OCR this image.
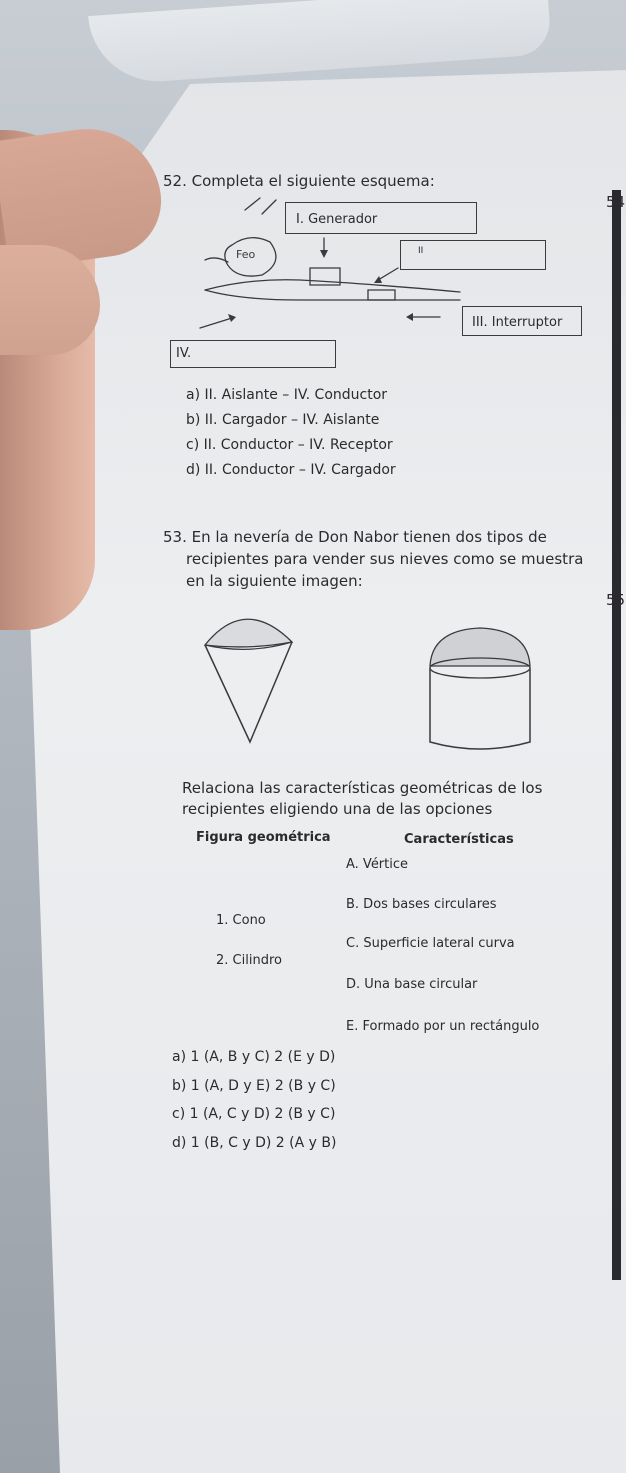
52. Completa el siguiente esquema:
54
I. Generador
II
III. Interruptor
IV.
Feo
a) II. Aislante – IV. Conductor
b) II. Cargador – IV. Aislante
c) II. Conductor – IV. Receptor
d) II. Conductor – IV. Cargador
53. En la nevería de Don Nabor tienen dos tipos de
recipientes para vender sus nieves como se muestra
en la siguiente imagen:
55
Relaciona las características geométricas de los
recipientes eligiendo una de las opciones
Figura geométrica	Características
A. Vértice
B. Dos bases circulares
1. Cono
C. Superficie lateral curva
2. Cilindro
D. Una base circular
E. Formado por un rectángulo
a) 1 (A, B y C) 2 (E y D)
b) 1 (A, D y E) 2 (B y C)
c) 1 (A, C y D) 2 (B y C)
d) 1 (B, C y D) 2 (A y B)
